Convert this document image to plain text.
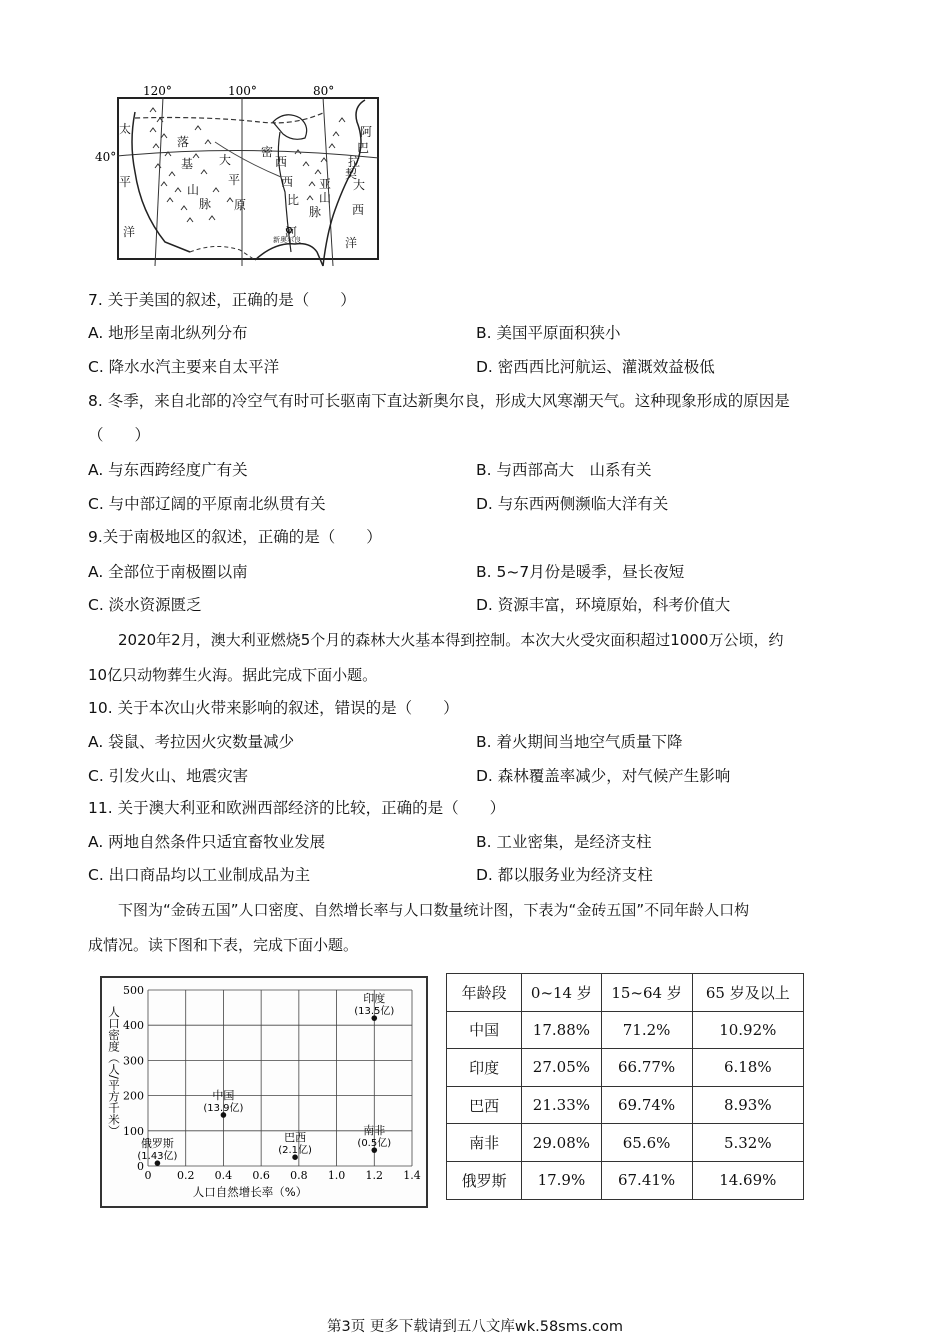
120°	100°	80°
40°
太
平
洋
落
基
山
脉
大
平
原
密
西
西
比
河
阿
巴
拉
契
亚
山
脉
大
西
洋
新奥尔良
7. 关于美国的叙述，正确的是（　　）
A. 地形呈南北纵列分布	B. 美国平原面积狭小
C. 降水水汽主要来自太平洋	D. 密西西比河航运、灌溉效益极低
8. 冬季，来自北部的冷空气有时可长驱南下直达新奥尔良，形成大风寒潮天气。这种现象形成的原因是
（　　）
A. 与东西跨经度广有关	B. 与西部高大　山系有关
C. 与中部辽阔的平原南北纵贯有关	D. 与东西两侧濒临大洋有关
9.关于南极地区的叙述，正确的是（　　）
A. 全部位于南极圈以南	B. 5~7月份是暖季，昼长夜短
C. 淡水资源匮乏	D. 资源丰富，环境原始，科考价值大
2020年2月，澳大利亚燃烧5个月的森林大火基本得到控制。本次大火受灾面积超过1000万公顷，约
10亿只动物葬生火海。据此完成下面小题。
10. 关于本次山火带来影响的叙述，错误的是（　　）
A. 袋鼠、考拉因火灾数量减少	B. 着火期间当地空气质量下降
C. 引发火山、地震灾害	D. 森林覆盖率减少，对气候产生影响
11. 关于澳大利亚和欧洲西部经济的比较，正确的是（　　）
A. 两地自然条件只适宜畜牧业发展	B. 工业密集，是经济支柱
C. 出口商品均以工业制成品为主	D. 都以服务业为经济支柱
下图为“金砖五国”人口密度、自然增长率与人口数量统计图，下表为“金砖五国”不同年龄人口构
成情况。读下图和下表，完成下面小题。
0 0.2 0.4 0.6 0.8 1.0 1.2 1.4
0
100
200
300
400
500
人口自然增长率（%）
人口密度（人/平方千米）
印度
(13.5亿)
中国
(13.9亿)
巴西
(2.1亿)
南非
(0.5亿)
俄罗斯
(1.43亿)
年龄段	0~14 岁	15~64 岁	65 岁及以上
中国	17.88%	71.2%	10.92%
印度	27.05%	66.77%	6.18%
巴西	21.33%	69.74%	8.93%
南非	29.08%	65.6%	5.32%
俄罗斯	17.9%	67.41%	14.69%
第3页 更多下载请到五八文库wk.58sms.com
